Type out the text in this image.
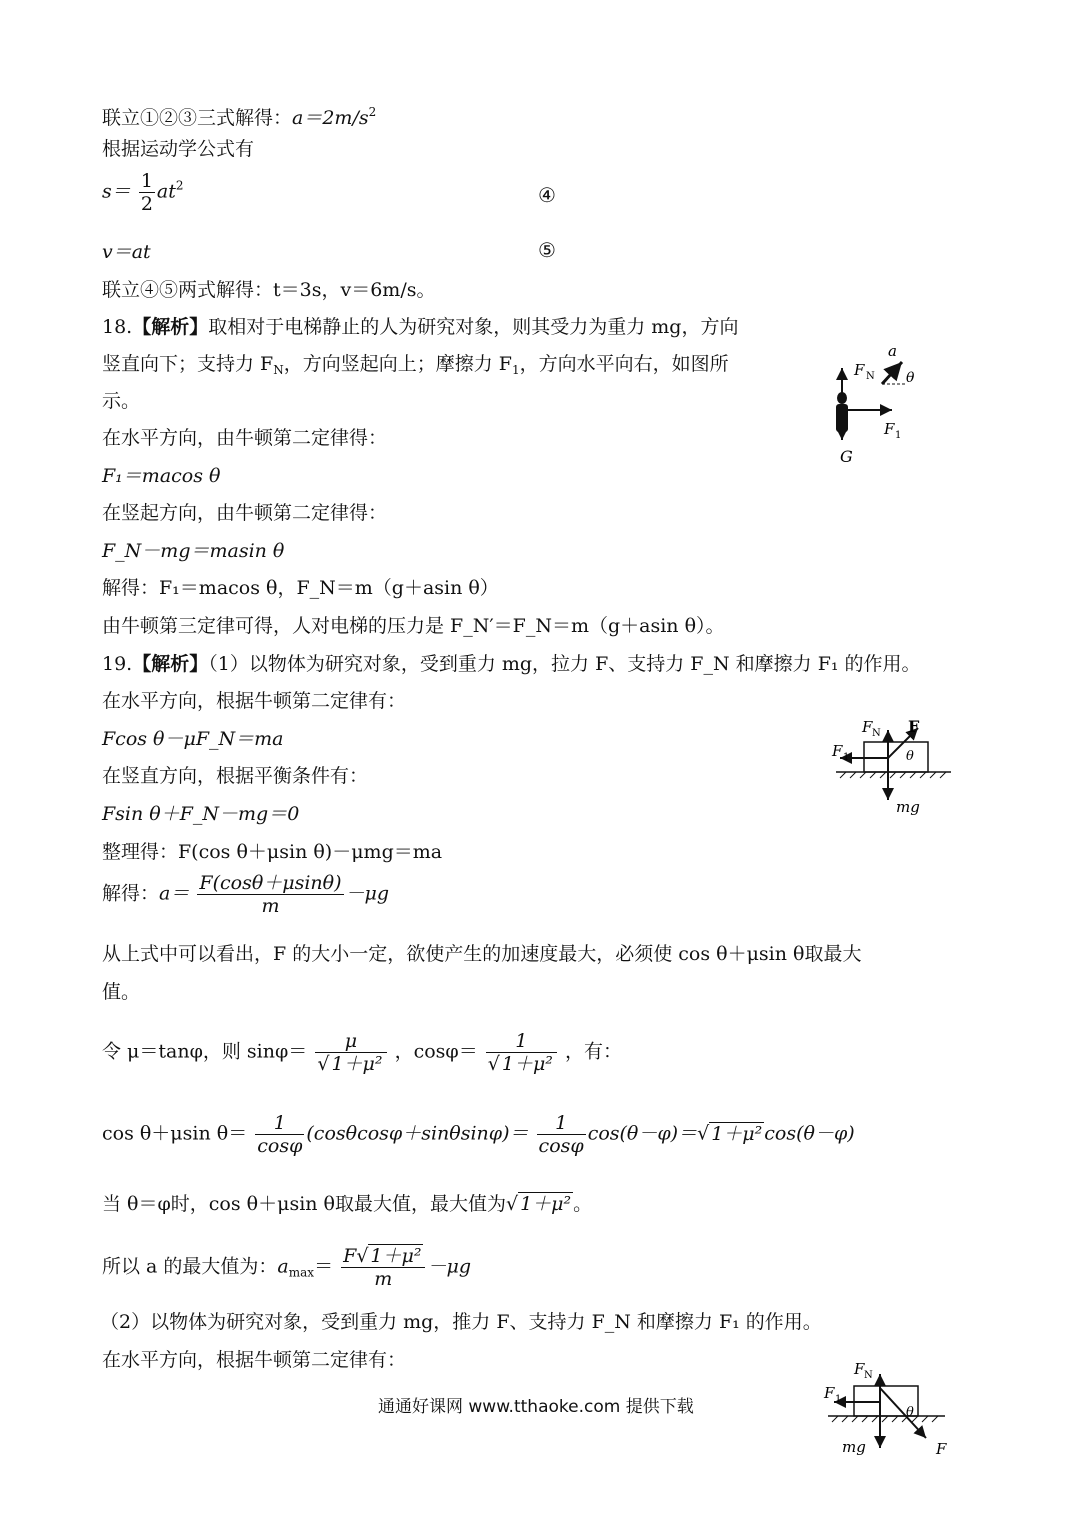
联立①②③三式解得：$a=2m/s^2$
根据运动学公式有
$s= \frac{1}{2} at^2$	④
v＝at	⑤
联立④⑤两式解得：t＝3s，v＝6m/s。
18.【解析】取相对于电梯静止的人为研究对象，则其受力为重力 mg，方向
竖直向下；支持力 $F_N$，方向竖起向上；摩擦力 $F_1$，方向水平向右，如图所
示。
在水平方向，由牛顿第二定律得：
F₁＝macos θ
在竖起方向，由牛顿第二定律得：
F_N－mg＝masin θ
解得：F₁＝macos θ，F_N＝m（g＋asin θ）
由牛顿第三定律可得，人对电梯的压力是 F_N′＝F_N＝m（g＋asin θ）。
F N
a
θ
F 1
G
19.【解析】（1）以物体为研究对象，受到重力 mg，拉力 F、支持力 F_N 和摩擦力 F₁ 的作用。
在水平方向，根据牛顿第二定律有：
Fcos θ－μF_N＝ma
在竖直方向，根据平衡条件有：
Fsin θ＋F_N－mg＝0
整理得：F(cos θ＋μsin θ)－μmg＝ma
解得：$a= \frac{F(\cos\theta+\mu\sin\theta)}{m} -\mu g$
从上式中可以看出，F 的大小一定，欲使产生的加速度最大，必须使 cos θ＋μsin θ取最大
值。
令 μ＝tanφ，则 $\sin\varphi= \frac{\mu}{\text{√ 1＋μ²}}$ ，$\cos\varphi= \frac{1}{\text{√ 1＋μ²}}$ ，有：
cos θ＋μsin $\theta= \frac{1}{\cos\varphi} (\cos\theta\cos\varphi+\sin\theta\sin\varphi)= \frac{1}{\cos\varphi} \cos(\theta-\varphi)=√$ 1＋μ² cos(θ－φ)
当 θ＝φ时，cos θ＋μsin θ取最大值，最大值为√ 1＋μ² 。
所以 a 的最大值为：$a_{max}= \frac{\text{F√ 1＋μ²}}{m} -\mu g$
（2）以物体为研究对象，受到重力 mg，推力 F、支持力 F_N 和摩擦力 F₁ 的作用。
在水平方向，根据牛顿第二定律有：
F N F
F 1	θ
mg
F N
F 1
θ
mg	F
通通好课网 www.tthaoke.com 提供下载
